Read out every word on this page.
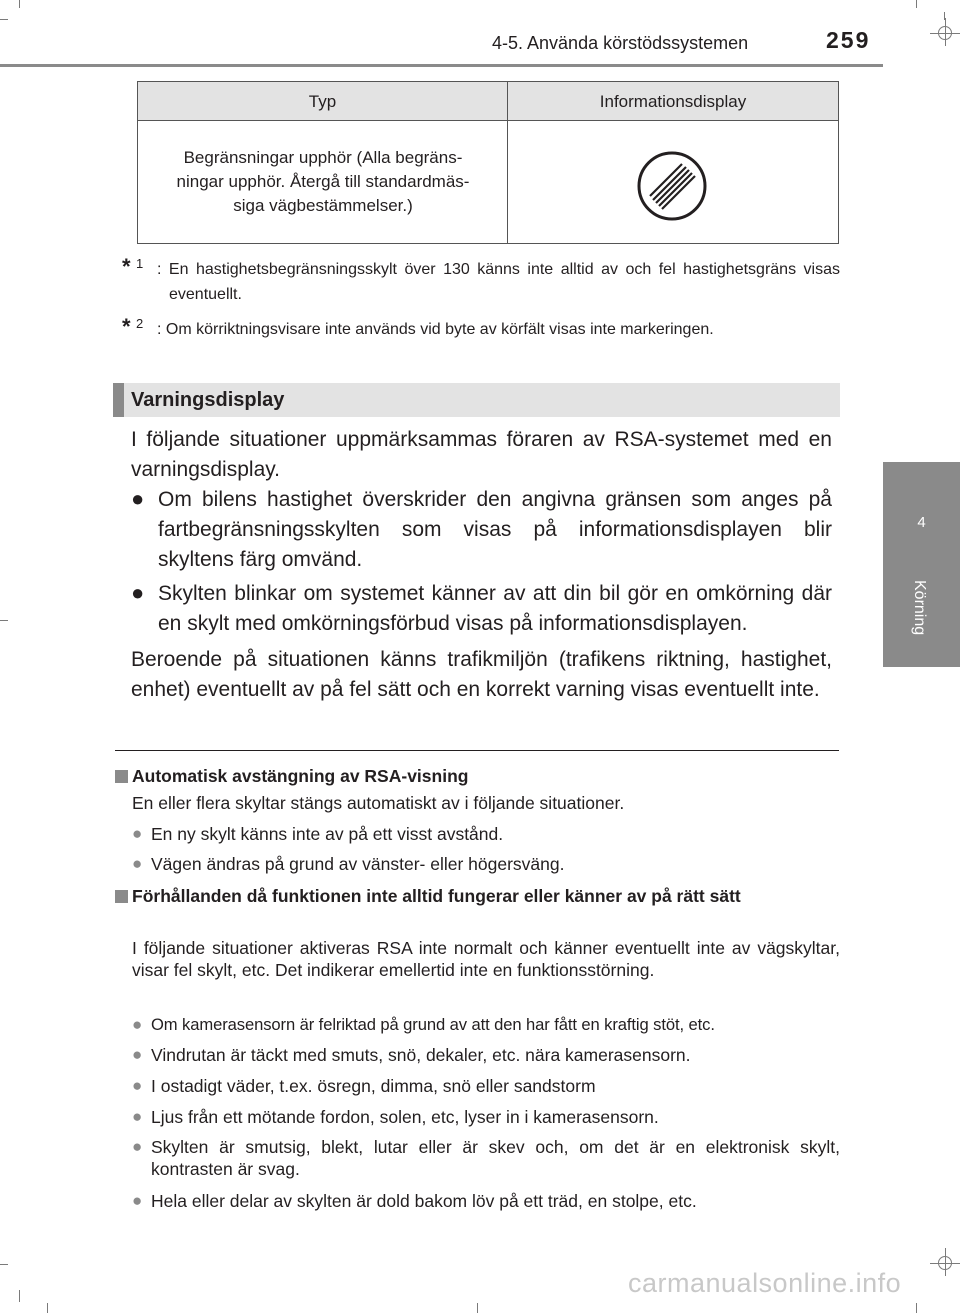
4-5. Använda körstödssystemen	259
4
Körning
Typ	Informationsdisplay
Begränsningar upphör (Alla begräns-
ningar upphör. Återgå till standardmäs-
siga vägbestämmelser.)
* 1 : En hastighetsbegränsningsskylt över 130 känns inte alltid av och fel hastighetsgräns visas eventuellt.
* 2 : Om körriktningsvisare inte används vid byte av körfält visas inte markeringen.
Varningsdisplay
I följande situationer uppmärksammas föraren av RSA-systemet med en varningsdisplay.
● Om bilens hastighet överskrider den angivna gränsen som anges på fartbegränsningsskylten som visas på informationsdisplayen blir skyltens färg omvänd.
● Skylten blinkar om systemet känner av att din bil gör en omkörning där en skylt med omkörningsförbud visas på informationsdisplayen.
Beroende på situationen känns trafikmiljön (trafikens riktning, hastighet, enhet) eventuellt av på fel sätt och en korrekt varning visas eventuellt inte.
Automatisk avstängning av RSA-visning
En eller flera skyltar stängs automatiskt av i följande situationer.
● En ny skylt känns inte av på ett visst avstånd.
● Vägen ändras på grund av vänster- eller högersväng.
Förhållanden då funktionen inte alltid fungerar eller känner av på rätt sätt
I följande situationer aktiveras RSA inte normalt och känner eventuellt inte av vägskyltar, visar fel skylt, etc. Det indikerar emellertid inte en funktionsstörning.
● Om kamerasensorn är felriktad på grund av att den har fått en kraftig stöt, etc.
● Vindrutan är täckt med smuts, snö, dekaler, etc. nära kamerasensorn.
● I ostadigt väder, t.ex. ösregn, dimma, snö eller sandstorm
● Ljus från ett mötande fordon, solen, etc, lyser in i kamerasensorn.
● Skylten är smutsig, blekt, lutar eller är skev och, om det är en elektronisk skylt, kontrasten är svag.
● Hela eller delar av skylten är dold bakom löv på ett träd, en stolpe, etc.
carmanualsonline.info
